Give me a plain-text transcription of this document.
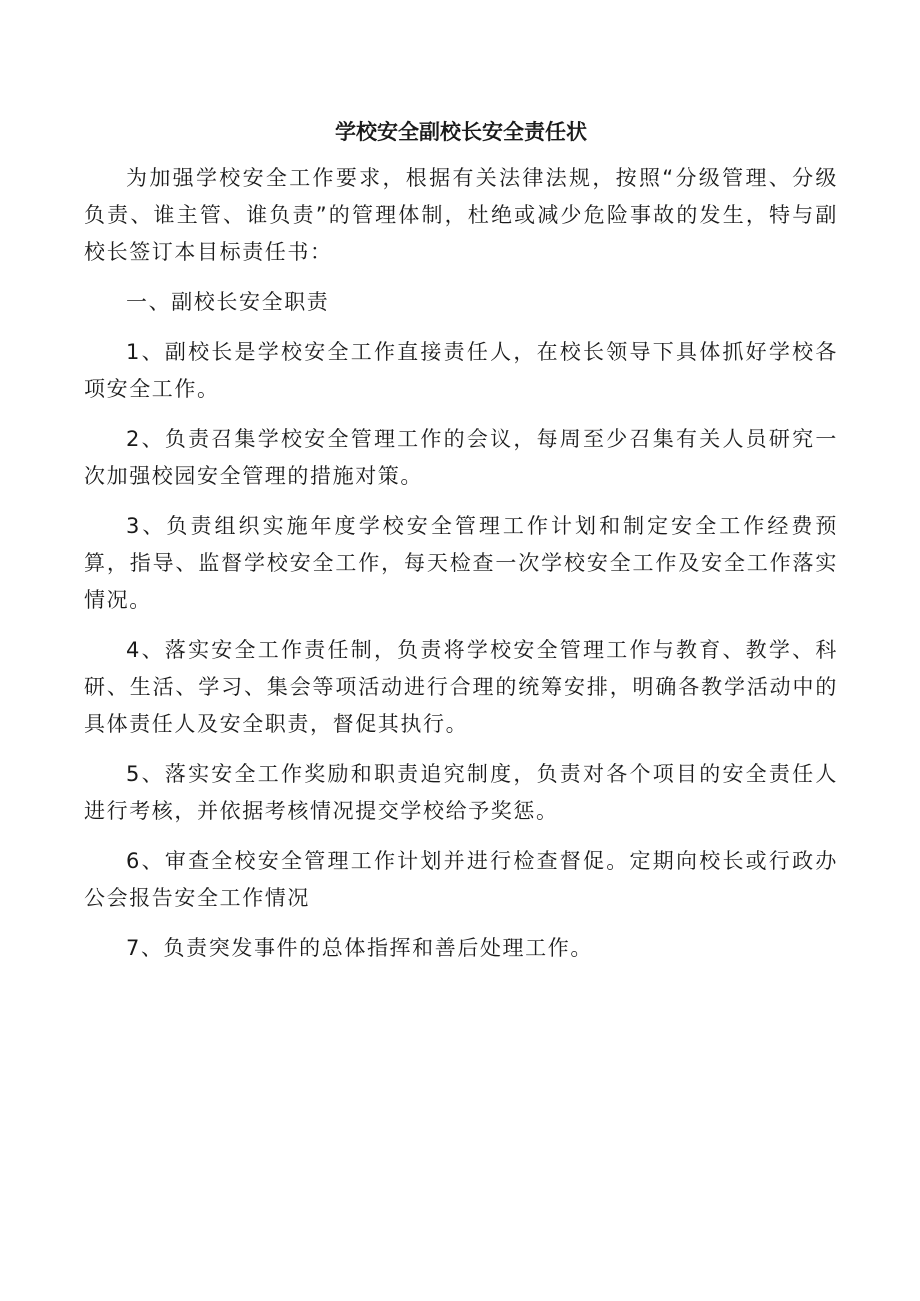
学校安全副校长安全责任状

为加强学校安全工作要求，根据有关法律法规，按照“分级管理、分级负责、谁主管、谁负责”的管理体制，杜绝或减少危险事故的发生，特与副校长签订本目标责任书：

一、副校长安全职责

1、副校长是学校安全工作直接责任人，在校长领导下具体抓好学校各项安全工作。

2、负责召集学校安全管理工作的会议，每周至少召集有关人员研究一次加强校园安全管理的措施对策。

3、负责组织实施年度学校安全管理工作计划和制定安全工作经费预算，指导、监督学校安全工作，每天检查一次学校安全工作及安全工作落实情况。

4、落实安全工作责任制，负责将学校安全管理工作与教育、教学、科研、生活、学习、集会等项活动进行合理的统筹安排，明确各教学活动中的具体责任人及安全职责，督促其执行。

5、落实安全工作奖励和职责追究制度，负责对各个项目的安全责任人进行考核，并依据考核情况提交学校给予奖惩。

6、审查全校安全管理工作计划并进行检查督促。定期向校长或行政办公会报告安全工作情况

7、负责突发事件的总体指挥和善后处理工作。
